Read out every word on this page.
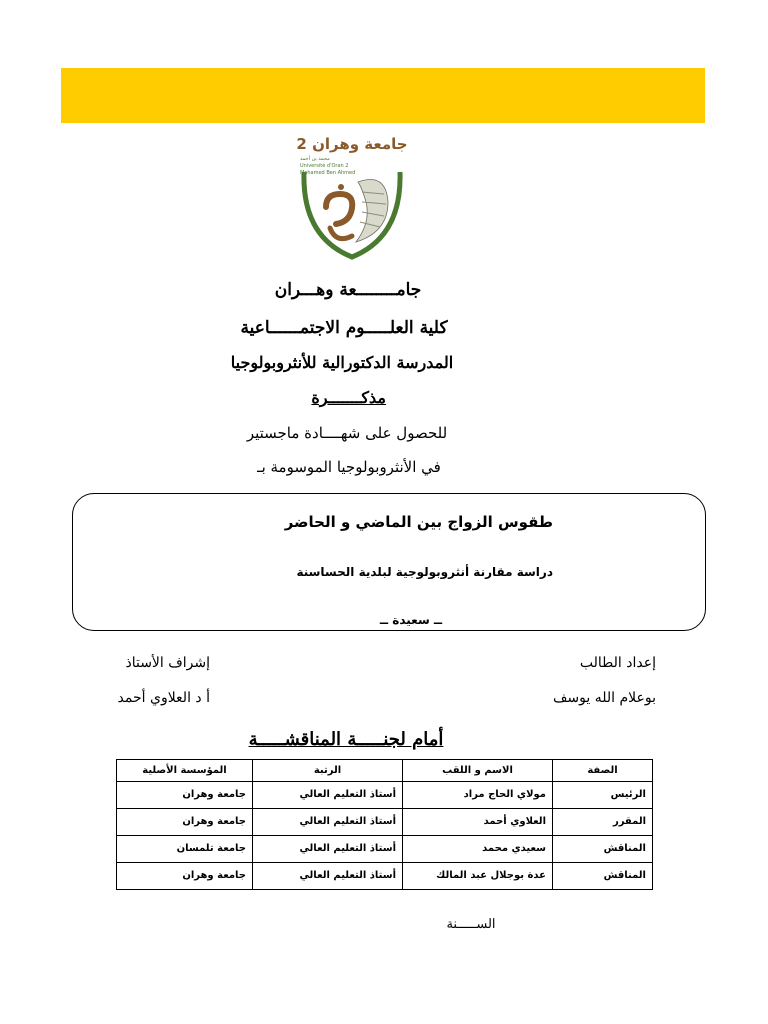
جامعة وهران 2
محمد بن أحمد
Université d'Oran 2
Mohamed Ben Ahmed
جامــــــــعة وهـــران
كلية العلـــــوم الاجتمــــــاعية
المدرسة الدكتورالية للأنثروبولوجيا
مذكـــــــرة
للحصول على شهــــادة ماجستير
في الأنثروبولوجيا الموسومة بـ
طقوس الزواج بين الماضي و الحاضر
دراسة مقارنة أنثروبولوجية لبلدية الحساسنة
ــ سعيدة ــ
إعداد الطالب
إشراف الأستاذ
بوعلام الله يوسف
أ د العلاوي أحمد
أمام لجنـــــة المناقشـــــة
الصفة	الاسم و اللقب	الرتبة	المؤسسة الأصلية
الرئيس	مولاي الحاج مراد	أستاذ التعليم العالي	جامعة وهران
المقرر	العلاوي أحمد	أستاذ التعليم العالي	جامعة وهران
المناقش	سعيدي محمد	أستاذ التعليم العالي	جامعة تلمسان
المناقش	عدة بوجلال عبد المالك	أستاذ التعليم العالي	جامعة وهران
الســـــنة
